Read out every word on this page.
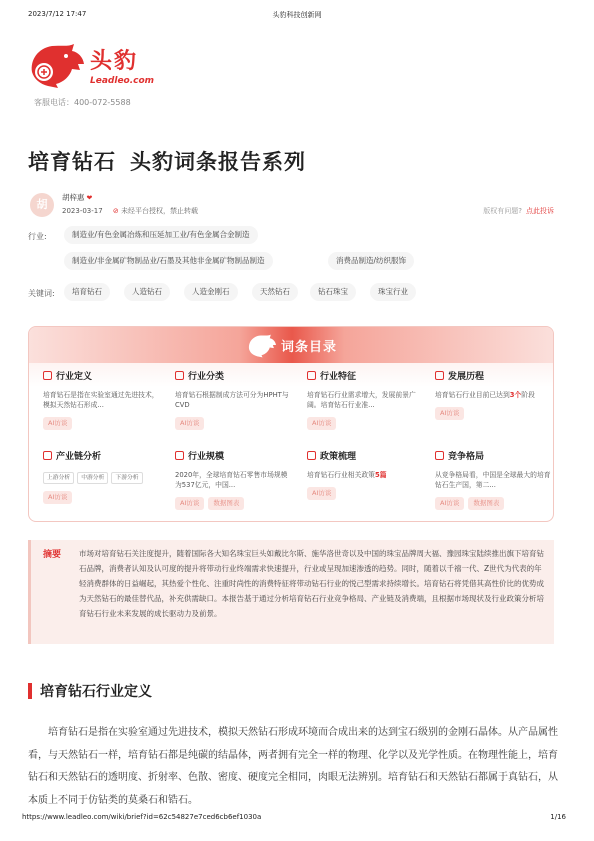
2023/7/12 17:47	头豹科技创新网
https://www.leadleo.com/wiki/brief?id=62c54827e7ced6cb6ef1030a	1/16
头豹
Leadleo.com
客服电话：400-072-5588
培育钻石 头豹词条报告系列
胡
胡梓惠 ❤
2023-03-17 ⊘ 未经平台授权，禁止转载	版权有问题? 点此投诉
行业:	制造业/有色金属冶炼和压延加工业/有色金属合金制造
制造业/非金属矿物制品业/石墨及其他非金属矿物制品制造	消费品制造/纺织服饰
关键词:	培育钻石	人造钻石	人造金刚石	天然钻石	钻石珠宝	珠宝行业
词条目录
行业定义
培育钻石是指在实验室通过先进技术，模拟天然钻石形成...
AI访谈
行业分类
培育钻石根据制成方法可分为HPHT与CVD
AI访谈
行业特征
培育钻石行业需求增大，发展前景广阔。培育钻石行业准...
AI访谈
发展历程
培育钻石行业目前已达到3个阶段
AI访谈
产业链分析
上游分析 中游分析 下游分析
AI访谈
行业规模
2020年，全球培育钻石零售市场规模为537亿元，中国...
AI访谈 数据图表
政策梳理
培育钻石行业相关政策5篇
AI访谈
竞争格局
从竞争格局看，中国是全球最大的培育钻石生产国，第二...
AI访谈 数据图表
摘要 市场对培育钻石关注度提升，随着国际各大知名珠宝巨头如戴比尔斯、施华洛世奇以及中国的珠宝品牌周大福、豫园珠宝陆续推出旗下培育钻石品牌，消费者认知及认可度的提升将带动行业终端需求快速提升，行业或呈现加速渗透的趋势。同时，随着以千禧一代、Z世代为代表的年轻消费群体的日益崛起，其热爱个性化、注重时尚性的消费特征将带动钻石行业的悦己型需求持续增长。培育钻石将凭借其高性价比的优势成为天然钻石的最佳替代品，补充供需缺口。本报告基于通过分析培育钻石行业竞争格局、产业链及消费端，且根据市场现状及行业政策分析培育钻石行业未来发展的成长驱动力及前景。
培育钻石行业定义
培育钻石是指在实验室通过先进技术，模拟天然钻石形成环境而合成出来的达到宝石级别的金刚石晶体。从产品属性看，与天然钻石一样，培育钻石都是纯碳的结晶体，两者拥有完全一样的物理、化学以及光学性质。在物理性能上，培育钻石和天然钻石的透明度、折射率、色散、密度、硬度完全相同，肉眼无法辨别。培育钻石和天然钻石都属于真钻石，从本质上不同于仿钻类的莫桑石和锆石。
